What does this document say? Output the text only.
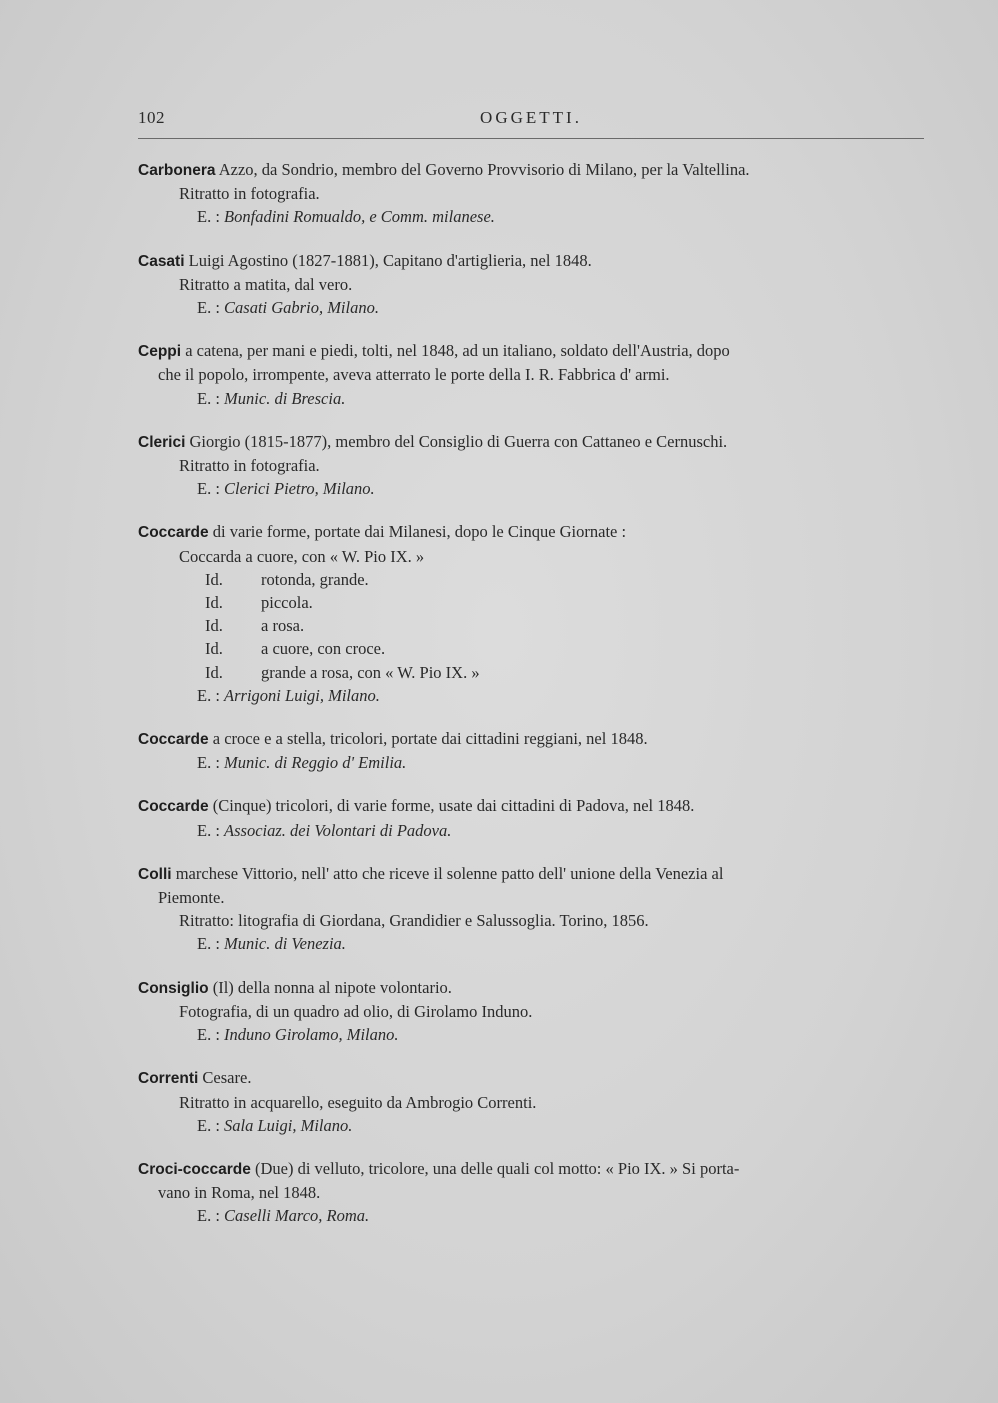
102	OGGETTI.
Carbonera Azzo, da Sondrio, membro del Governo Provvisorio di Milano, per la Valtellina.
Ritratto in fotografia.
E. : Bonfadini Romualdo, e Comm. milanese.
Casati Luigi Agostino (1827-1881), Capitano d'artiglieria, nel 1848.
Ritratto a matita, dal vero.
E. : Casati Gabrio, Milano.
Ceppi a catena, per mani e piedi, tolti, nel 1848, ad un italiano, soldato dell'Austria, dopo
che il popolo, irrompente, aveva atterrato le porte della I. R. Fabbrica d' armi.
E. : Munic. di Brescia.
Clerici Giorgio (1815-1877), membro del Consiglio di Guerra con Cattaneo e Cernuschi.
Ritratto in fotografia.
E. : Clerici Pietro, Milano.
Coccarde di varie forme, portate dai Milanesi, dopo le Cinque Giornate :
Coccarda a cuore, con « W. Pio IX. »
Id. rotonda, grande.
Id. piccola.
Id. a rosa.
Id. a cuore, con croce.
Id. grande a rosa, con « W. Pio IX. »
E. : Arrigoni Luigi, Milano.
Coccarde a croce e a stella, tricolori, portate dai cittadini reggiani, nel 1848.
E. : Munic. di Reggio d' Emilia.
Coccarde (Cinque) tricolori, di varie forme, usate dai cittadini di Padova, nel 1848.
E. : Associaz. dei Volontari di Padova.
Colli marchese Vittorio, nell' atto che riceve il solenne patto dell' unione della Venezia al
Piemonte.
Ritratto: litografia di Giordana, Grandidier e Salussoglia. Torino, 1856.
E. : Munic. di Venezia.
Consiglio (Il) della nonna al nipote volontario.
Fotografia, di un quadro ad olio, di Girolamo Induno.
E. : Induno Girolamo, Milano.
Correnti Cesare.
Ritratto in acquarello, eseguito da Ambrogio Correnti.
E. : Sala Luigi, Milano.
Croci-coccarde (Due) di velluto, tricolore, una delle quali col motto: « Pio IX. » Si porta-
vano in Roma, nel 1848.
E. : Caselli Marco, Roma.
